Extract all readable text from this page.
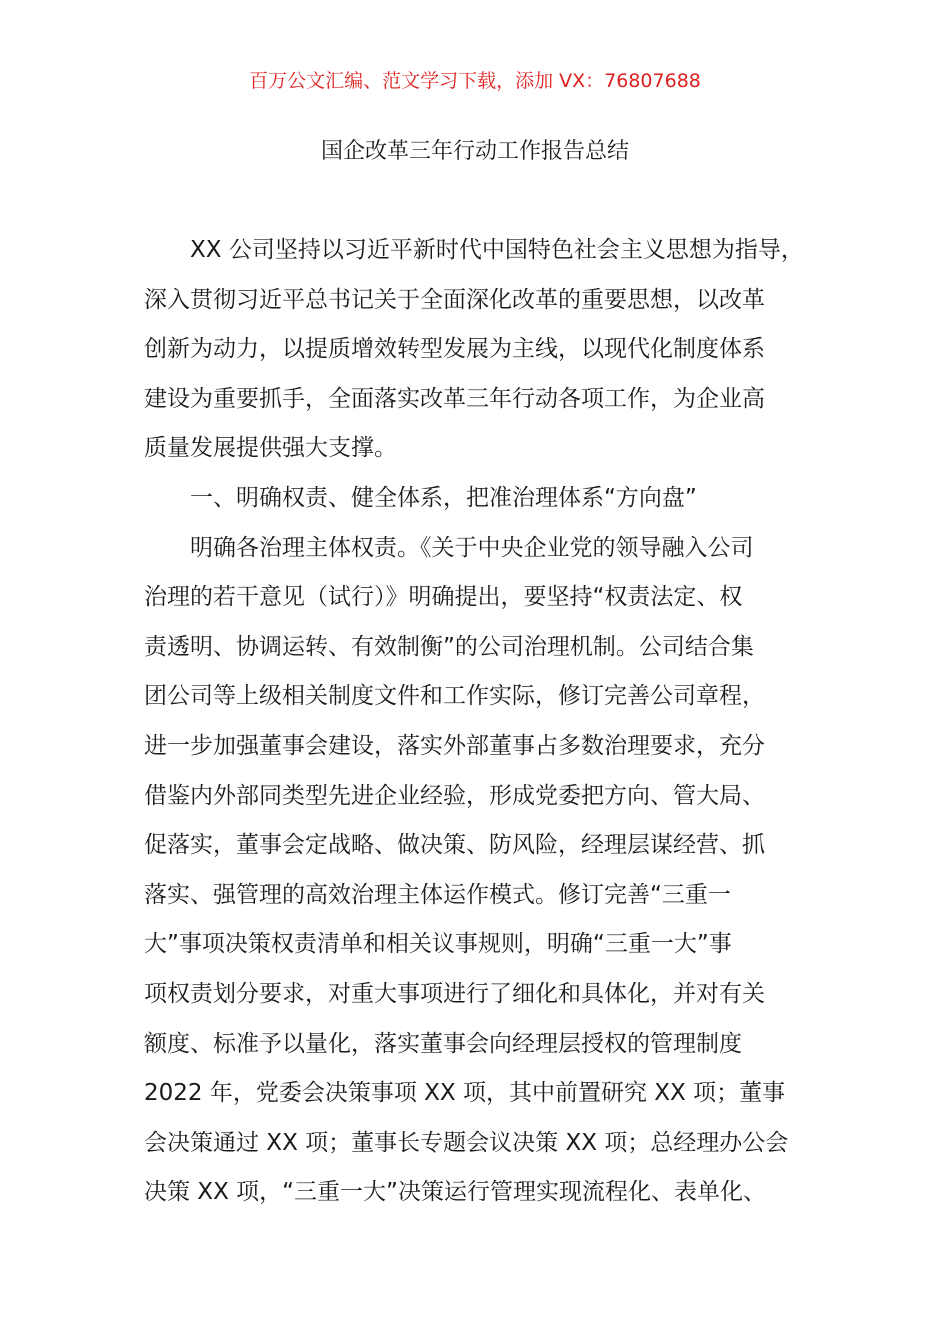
百万公文汇编、范文学习下载，添加 VX：76807688
国企改革三年行动工作报告总结
XX 公司坚持以习近平新时代中国特色社会主义思想为指导，
深入贯彻习近平总书记关于全面深化改革的重要思想，以改革
创新为动力，以提质增效转型发展为主线，以现代化制度体系
建设为重要抓手，全面落实改革三年行动各项工作，为企业高
质量发展提供强大支撑。
一、明确权责、健全体系，把准治理体系“方向盘”
明确各治理主体权责。《关于中央企业党的领导融入公司
治理的若干意见（试行）》明确提出，要坚持“权责法定、权
责透明、协调运转、有效制衡”的公司治理机制。公司结合集
团公司等上级相关制度文件和工作实际，修订完善公司章程，
进一步加强董事会建设，落实外部董事占多数治理要求，充分
借鉴内外部同类型先进企业经验，形成党委把方向、管大局、
促落实，董事会定战略、做决策、防风险，经理层谋经营、抓
落实、强管理的高效治理主体运作模式。修订完善“三重一
大”事项决策权责清单和相关议事规则，明确“三重一大”事
项权责划分要求，对重大事项进行了细化和具体化，并对有关
额度、标准予以量化，落实董事会向经理层授权的管理制度
2022 年，党委会决策事项 XX 项，其中前置研究 XX 项；董事
会决策通过 XX 项；董事长专题会议决策 XX 项；总经理办公会
决策 XX 项，“三重一大”决策运行管理实现流程化、表单化、
